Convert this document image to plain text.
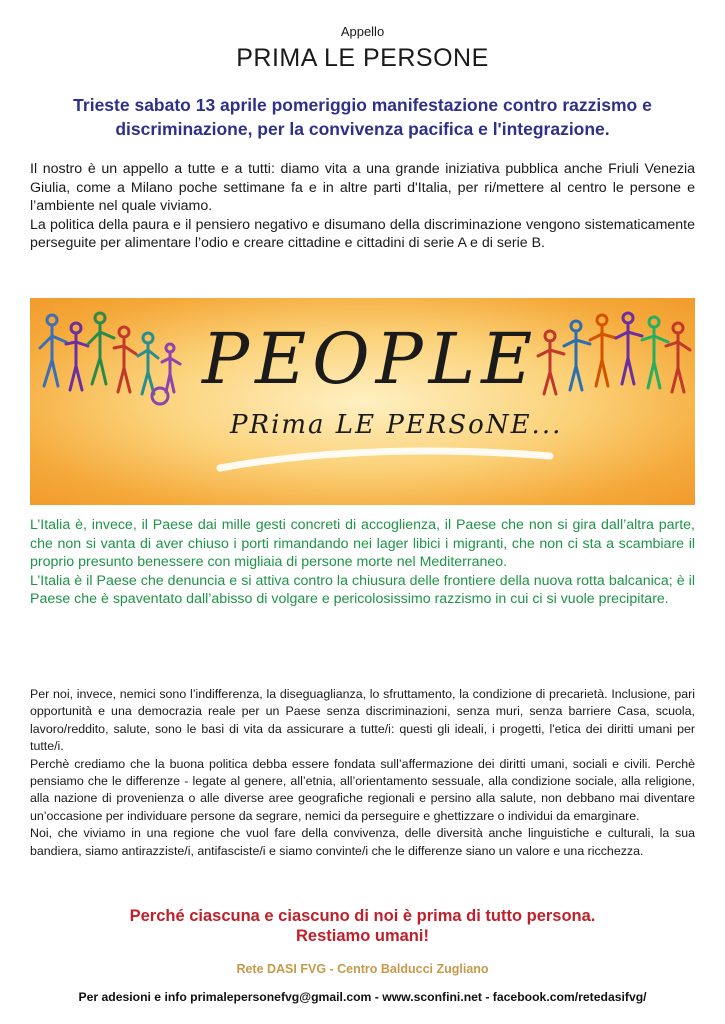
Appello
PRIMA LE PERSONE
Trieste sabato 13 aprile pomeriggio manifestazione contro razzismo e discriminazione, per la convivenza pacifica e l'integrazione.

Il nostro è un appello a tutte e a tutti: diamo vita a una grande iniziativa pubblica anche Friuli Venezia Giulia, come a Milano poche settimane fa e in altre parti d'Italia, per ri/mettere al centro le persone e l’ambiente nel quale viviamo.
La politica della paura e il pensiero negativo e disumano della discriminazione vengono sistematicamente perseguite per alimentare l’odio e creare cittadine e cittadini di serie A e di serie B.

PEOPLE
PRima LE PERSoNE...

L’Italia è, invece, il Paese dai mille gesti concreti di accoglienza, il Paese che non si gira dall’altra parte, che non si vanta di aver chiuso i porti rimandando nei lager libici i migranti, che non ci sta a scambiare il proprio presunto benessere con migliaia di persone morte nel Mediterraneo.
L’Italia è il Paese che denuncia e si attiva contro la chiusura delle frontiere della nuova rotta balcanica; è il Paese che è spaventato dall’abisso di volgare e pericolosissimo razzismo in cui ci si vuole precipitare.

Per noi, invece, nemici sono l’indifferenza, la diseguaglianza, lo sfruttamento, la condizione di precarietà. Inclusione, pari opportunità e una democrazia reale per un Paese senza discriminazioni, senza muri, senza barriere Casa, scuola, lavoro/reddito, salute, sono le basi di vita da assicurare a tutte/i: questi gli ideali, i progetti, l'etica dei diritti umani per tutte/i.
Perchè crediamo che la buona politica debba essere fondata sull’affermazione dei diritti umani, sociali e civili. Perchè pensiamo che le differenze - legate al genere, all’etnia, all’orientamento sessuale, alla condizione sociale, alla religione, alla nazione di provenienza o alle diverse aree geografiche regionali e persino alla salute, non debbano mai diventare un’occasione per individuare persone da segrare, nemici da perseguire e ghettizzare o individui da emarginare.
Noi, che viviamo in una regione che vuol fare della convivenza, delle diversità anche linguistiche e culturali, la sua bandiera, siamo antirazziste/i, antifasciste/i e siamo convinte/i che le differenze siano un valore e una ricchezza.

Perché ciascuna e ciascuno di noi è prima di tutto persona.
Restiamo umani!
Rete DASI FVG - Centro Balducci Zugliano
Per adesioni e info primalepersonefvg@gmail.com - www.sconfini.net - facebook.com/retedasifvg/
